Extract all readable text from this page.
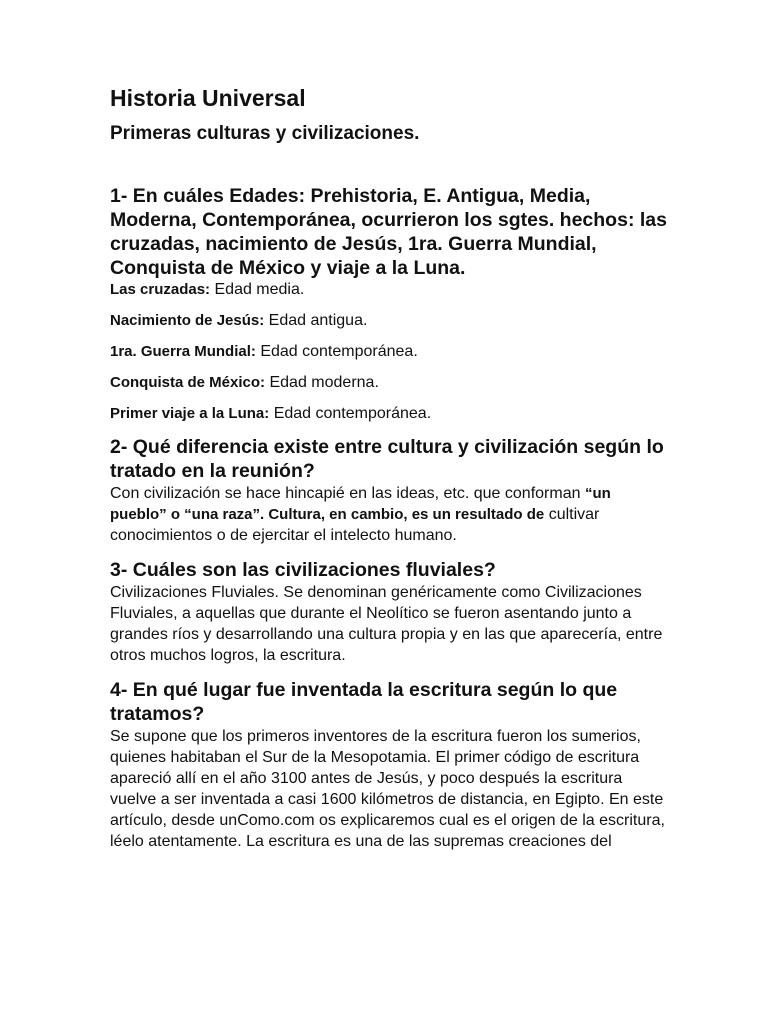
Historia Universal
Primeras culturas y civilizaciones.
1- En cuáles Edades: Prehistoria, E. Antigua, Media, Moderna, Contemporánea, ocurrieron los sgtes. hechos: las cruzadas, nacimiento de Jesús, 1ra. Guerra Mundial, Conquista de México y viaje a la Luna.
Las cruzadas: Edad media.
Nacimiento de Jesús: Edad antigua.
1ra. Guerra Mundial: Edad contemporánea.
Conquista de México: Edad moderna.
Primer viaje a la Luna: Edad contemporánea.
2- Qué diferencia existe entre cultura y civilización según lo tratado en la reunión?

Con civilización se hace hincapié en las ideas, etc. que conforman “un pueblo” o “una raza”. Cultura, en cambio, es un resultado de cultivar conocimientos o de ejercitar el intelecto humano.

3- Cuáles son las civilizaciones fluviales?

Civilizaciones Fluviales. Se denominan genéricamente como Civilizaciones Fluviales, a aquellas que durante el Neolítico se fueron asentando junto a grandes ríos y desarrollando una cultura propia y en las que aparecería, entre otros muchos logros, la escritura.

4- En qué lugar fue inventada la escritura según lo que tratamos?

Se supone que los primeros inventores de la escritura fueron los sumerios, quienes habitaban el Sur de la Mesopotamia. El primer código de escritura apareció allí en el año 3100 antes de Jesús, y poco después la escritura vuelve a ser inventada a casi 1600 kilómetros de distancia, en Egipto. En este artículo, desde unComo.com os explicaremos cual es el origen de la escritura, léelo atentamente. La escritura es una de las supremas creaciones del
